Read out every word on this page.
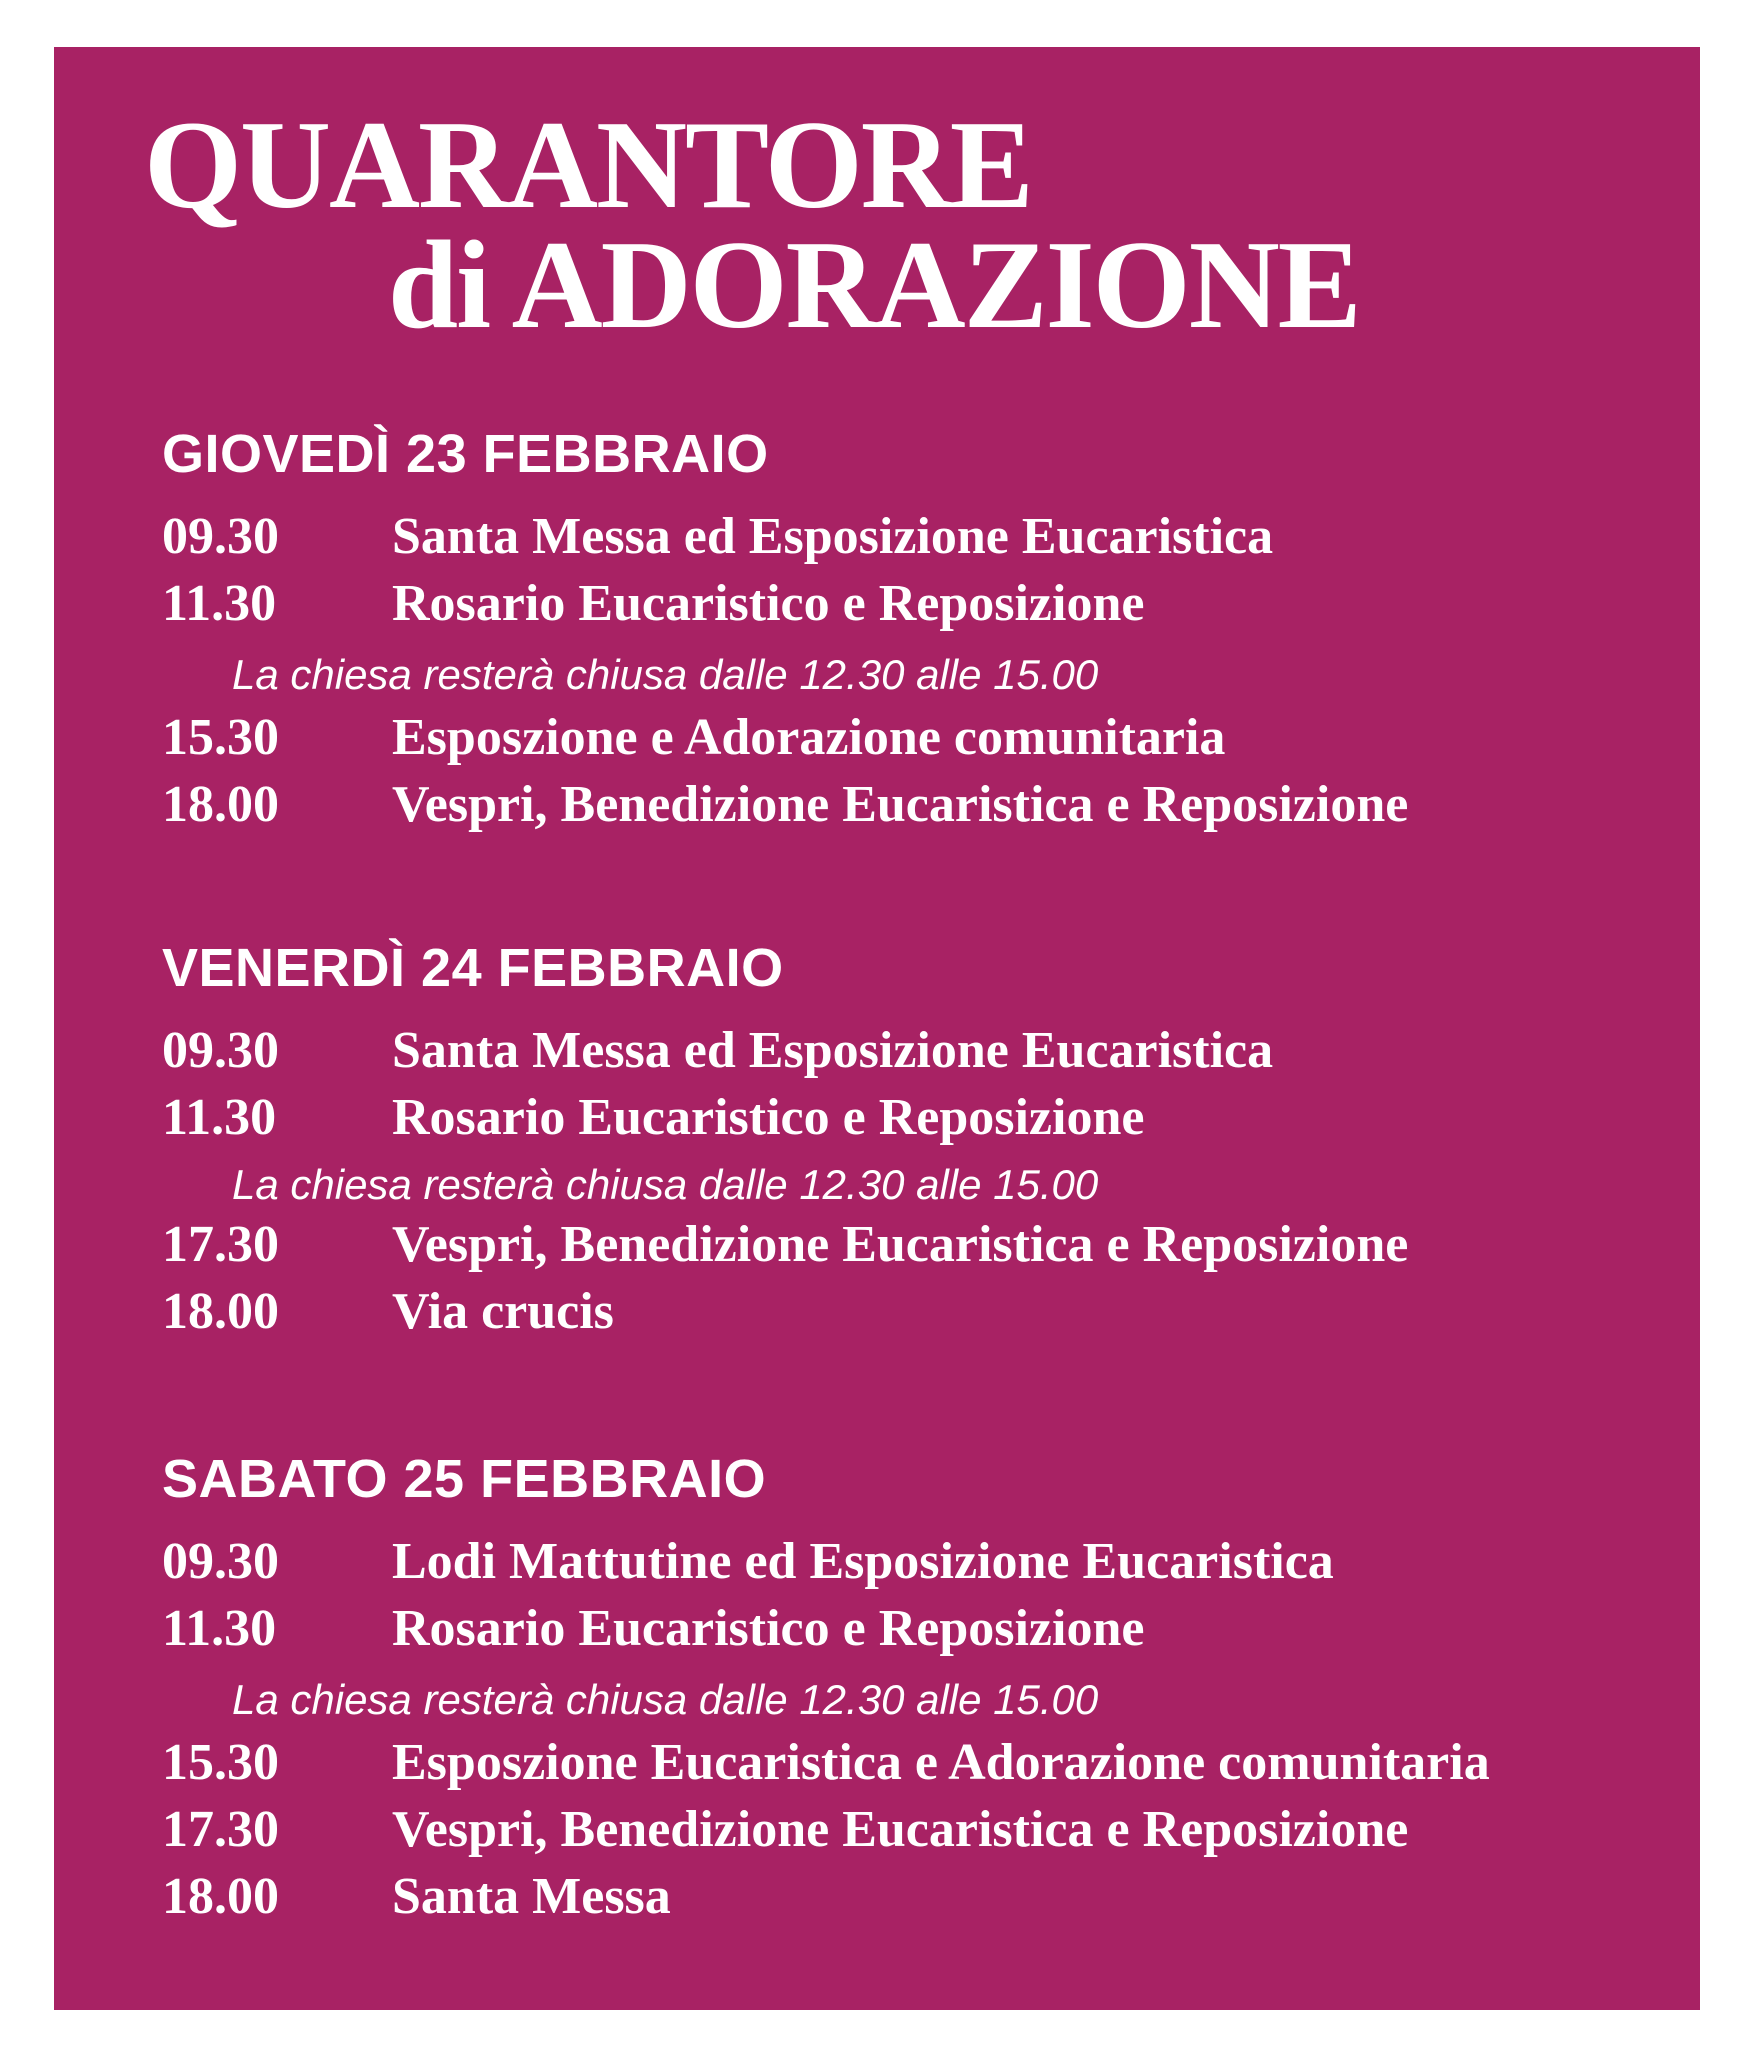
QUARANTORE
di ADORAZIONE
GIOVEDÌ 23 FEBBRAIO
09.30	Santa Messa ed Esposizione Eucaristica
11.30	Rosario Eucaristico e Reposizione
La chiesa resterà chiusa dalle 12.30 alle 15.00
15.30	Esposzione e Adorazione comunitaria
18.00	Vespri, Benedizione Eucaristica e Reposizione
VENERDÌ 24 FEBBRAIO
09.30	Santa Messa ed Esposizione Eucaristica
11.30	Rosario Eucaristico e Reposizione
La chiesa resterà chiusa dalle 12.30 alle 15.00
17.30	Vespri, Benedizione Eucaristica e Reposizione
18.00	Via crucis
SABATO 25 FEBBRAIO
09.30	Lodi Mattutine ed Esposizione Eucaristica
11.30	Rosario Eucaristico e Reposizione
La chiesa resterà chiusa dalle 12.30 alle 15.00
15.30	Esposzione Eucaristica e Adorazione comunitaria
17.30	Vespri, Benedizione Eucaristica e Reposizione
18.00	Santa Messa
